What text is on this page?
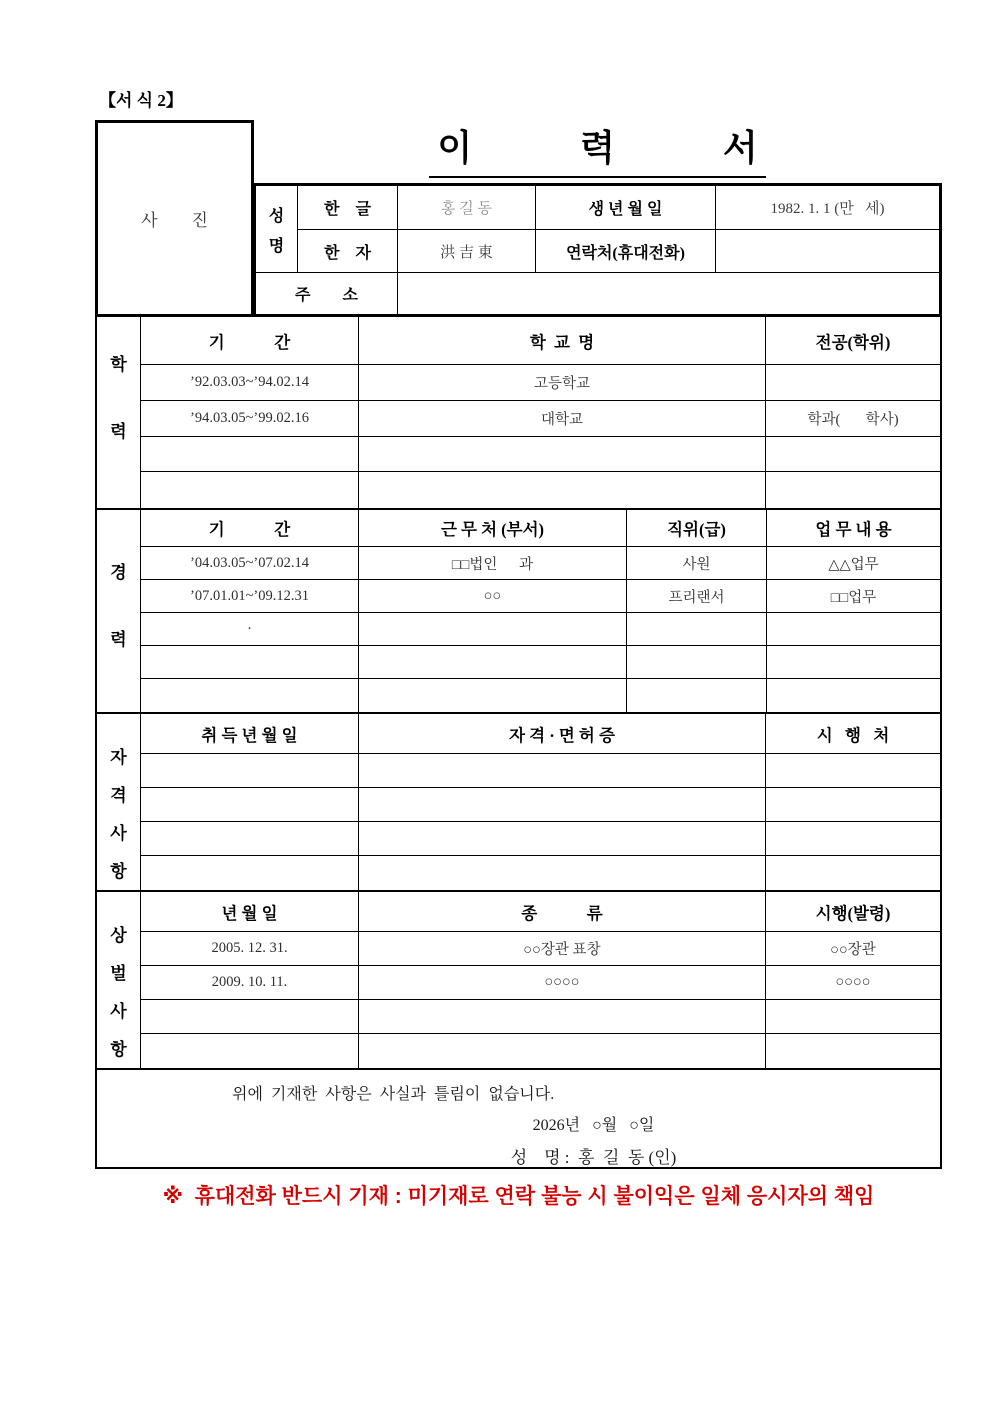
【서 식 2】
사　　진
이　　　력　　　서
성
명
한　글	홍 길 동	생 년 월 일	1982. 1. 1 (만   세)
한　자	洪 吉 東	연락처(휴대전화)
주　　소
학
력
기　　　간	학  교  명	전공(학위)
’92.03.03~’94.02.14	고등학교
’94.03.05~’99.02.16	대학교	학과(       학사)
경
력
기　　　간	근 무 처 (부서)	직위(급)	업 무 내 용
’04.03.05~’07.02.14	□□법인      과	사원	△△업무
’07.01.01~’09.12.31	○○	프리랜서	□□업무
·
자
격
사
항
취 득 년 월 일	자 격 · 면 허 증	시   행   처
상
벌
사
항
년 월 일	종　　　류	시행(발령)
2005. 12. 31.	○○장관 표창	○○장관
2009. 10. 11.	○○○○	○○○○
위에  기재한  사항은  사실과  틀림이  없습니다.
2026년   ○월   ○일
성    명 :  홍  길  동 (인)
※  휴대전화 반드시 기재 : 미기재로 연락 불능 시 불이익은 일체 응시자의 책임
